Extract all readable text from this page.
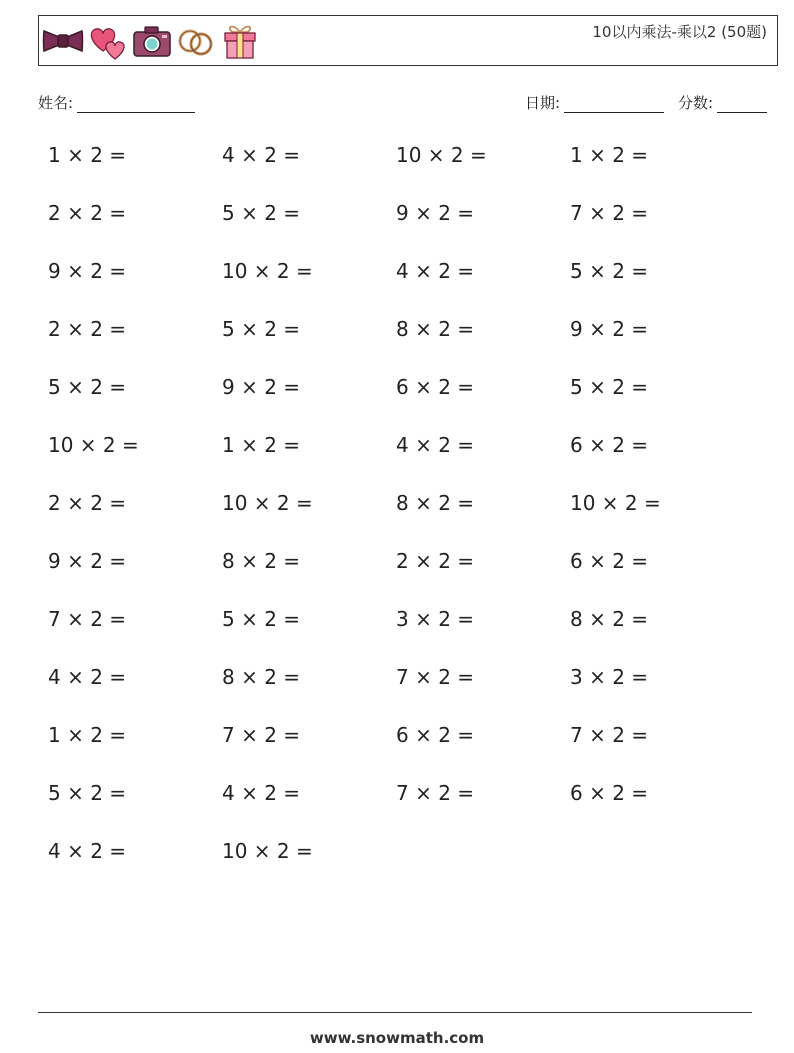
10以内乘法-乘以2 (50题)
姓名:	日期:	分数:
1 × 2 =	4 × 2 =	10 × 2 =	1 × 2 =
2 × 2 =	5 × 2 =	9 × 2 =	7 × 2 =
9 × 2 =	10 × 2 =	4 × 2 =	5 × 2 =
2 × 2 =	5 × 2 =	8 × 2 =	9 × 2 =
5 × 2 =	9 × 2 =	6 × 2 =	5 × 2 =
10 × 2 =	1 × 2 =	4 × 2 =	6 × 2 =
2 × 2 =	10 × 2 =	8 × 2 =	10 × 2 =
9 × 2 =	8 × 2 =	2 × 2 =	6 × 2 =
7 × 2 =	5 × 2 =	3 × 2 =	8 × 2 =
4 × 2 =	8 × 2 =	7 × 2 =	3 × 2 =
1 × 2 =	7 × 2 =	6 × 2 =	7 × 2 =
5 × 2 =	4 × 2 =	7 × 2 =	6 × 2 =
4 × 2 =	10 × 2 =
www.snowmath.com
